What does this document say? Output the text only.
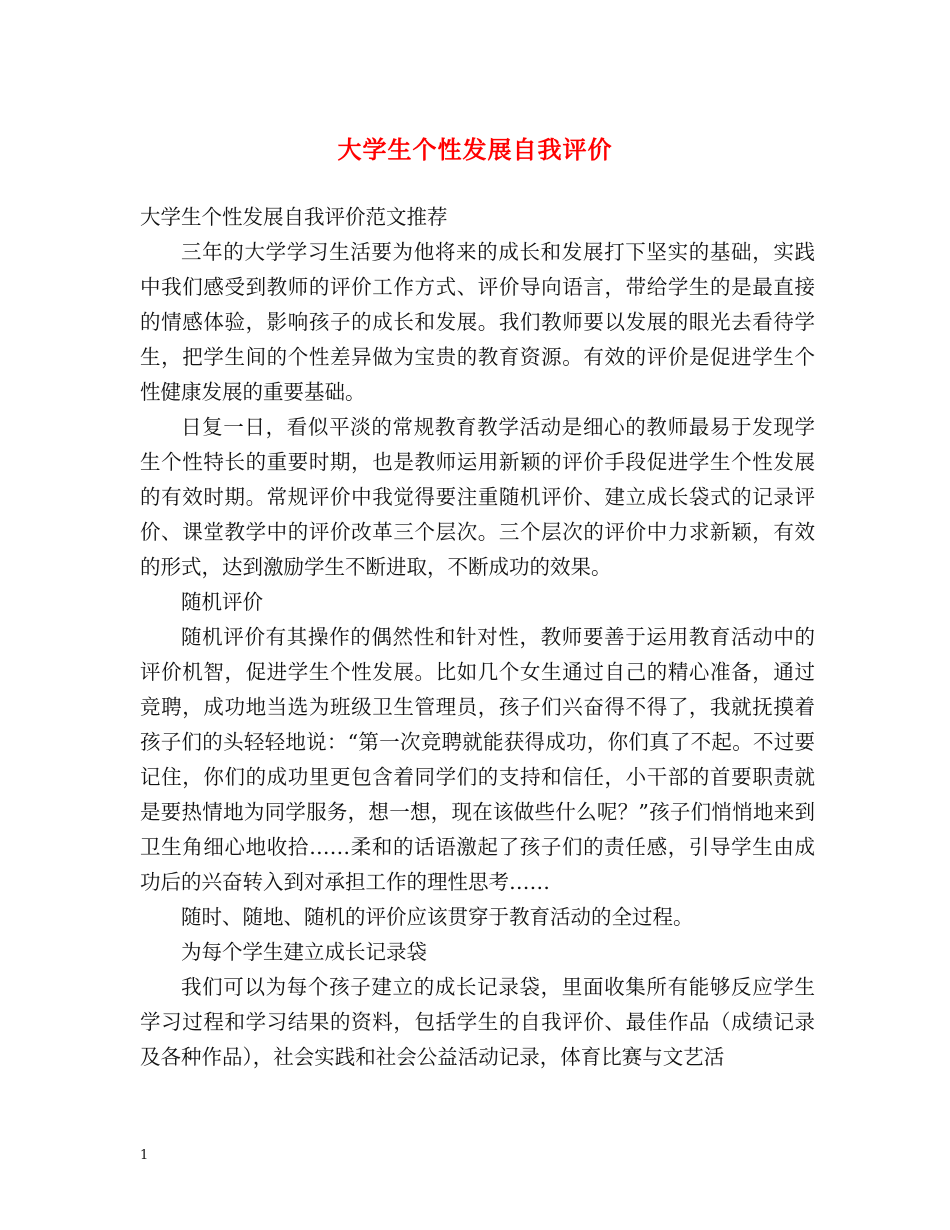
大学生个性发展自我评价

大学生个性发展自我评价范文推荐

三年的大学学习生活要为他将来的成长和发展打下坚实的基础，实践中我们感受到教师的评价工作方式、评价导向语言，带给学生的是最直接的情感体验，影响孩子的成长和发展。我们教师要以发展的眼光去看待学生，把学生间的个性差异做为宝贵的教育资源。有效的评价是促进学生个性健康发展的重要基础。

日复一日，看似平淡的常规教育教学活动是细心的教师最易于发现学生个性特长的重要时期，也是教师运用新颖的评价手段促进学生个性发展的有效时期。常规评价中我觉得要注重随机评价、建立成长袋式的记录评价、课堂教学中的评价改革三个层次。三个层次的评价中力求新颖，有效的形式，达到激励学生不断进取，不断成功的效果。

随机评价

随机评价有其操作的偶然性和针对性，教师要善于运用教育活动中的评价机智，促进学生个性发展。比如几个女生通过自己的精心准备，通过竞聘，成功地当选为班级卫生管理员，孩子们兴奋得不得了，我就抚摸着孩子们的头轻轻地说：“第一次竞聘就能获得成功，你们真了不起。不过要记住，你们的成功里更包含着同学们的支持和信任，小干部的首要职责就是要热情地为同学服务，想一想，现在该做些什么呢？”孩子们悄悄地来到卫生角细心地收拾……柔和的话语激起了孩子们的责任感，引导学生由成功后的兴奋转入到对承担工作的理性思考……

随时、随地、随机的评价应该贯穿于教育活动的全过程。

为每个学生建立成长记录袋

我们可以为每个孩子建立的成长记录袋，里面收集所有能够反应学生学习过程和学习结果的资料，包括学生的自我评价、最佳作品（成绩记录及各种作品），社会实践和社会公益活动记录，体育比赛与文艺活

1
